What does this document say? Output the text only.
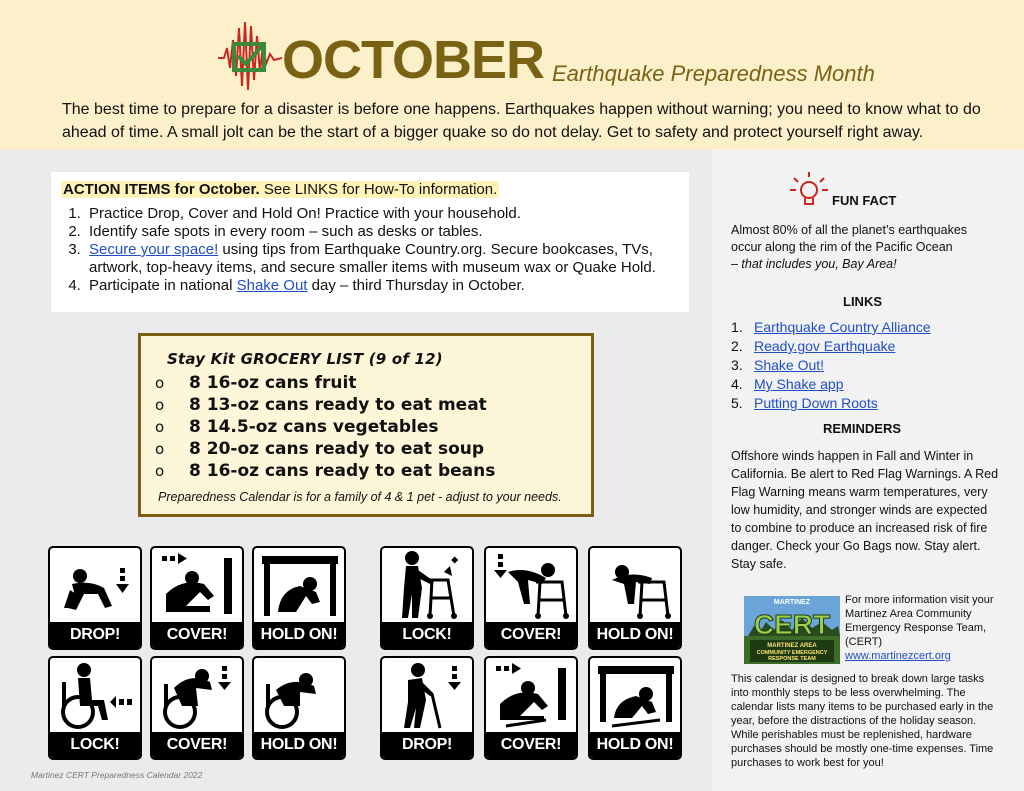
OCTOBER Earthquake Preparedness Month
The best time to prepare for a disaster is before one happens. Earthquakes happen without warning; you need to know what to do ahead of time. A small jolt can be the start of a bigger quake so do not delay. Get to safety and protect yourself right away.
ACTION ITEMS for October. See LINKS for How-To information.
1. Practice Drop, Cover and Hold On! Practice with your household.
2. Identify safe spots in every room – such as desks or tables.
3. Secure your space! using tips from Earthquake Country.org. Secure bookcases, TVs, artwork, top-heavy items, and secure smaller items with museum wax or Quake Hold.
4. Participate in national Shake Out day – third Thursday in October.
Stay Kit GROCERY LIST (9 of 12)
o 8 16-oz cans fruit
o 8 13-oz cans ready to eat meat
o 8 14.5-oz cans vegetables
o 8 20-oz cans ready to eat soup
o 8 16-oz cans ready to eat beans
Preparedness Calendar is for a family of 4 & 1 pet - adjust to your needs.
DROP!	COVER!	HOLD ON!
LOCK!	COVER!	HOLD ON!
LOCK!	COVER!	HOLD ON!
DROP!	COVER!	HOLD ON!
Martinez CERT Preparedness Calendar 2022
FUN FACT
Almost 80% of all the planet’s earthquakes occur along the rim of the Pacific Ocean
– that includes you, Bay Area!
LINKS
1. Earthquake Country Alliance
2. Ready.gov Earthquake
3. Shake Out!
4. My Shake app
5. Putting Down Roots
REMINDERS
Offshore winds happen in Fall and Winter in California. Be alert to Red Flag Warnings. A Red Flag Warning means warm temperatures, very low humidity, and stronger winds are expected to combine to produce an increased risk of fire danger. Check your Go Bags now. Stay alert. Stay safe.
MARTINEZ
CERT
MARTINEZ AREA
COMMUNITY EMERGENCY
RESPONSE TEAM
For more information visit your Martinez Area Community Emergency Response Team, (CERT)
www.martinezcert.org
This calendar is designed to break down large tasks into monthly steps to be less overwhelming. The calendar lists many items to be purchased early in the year, before the distractions of the holiday season. While perishables must be replenished, hardware purchases should be mostly one-time expenses. Time purchases to work best for you!
